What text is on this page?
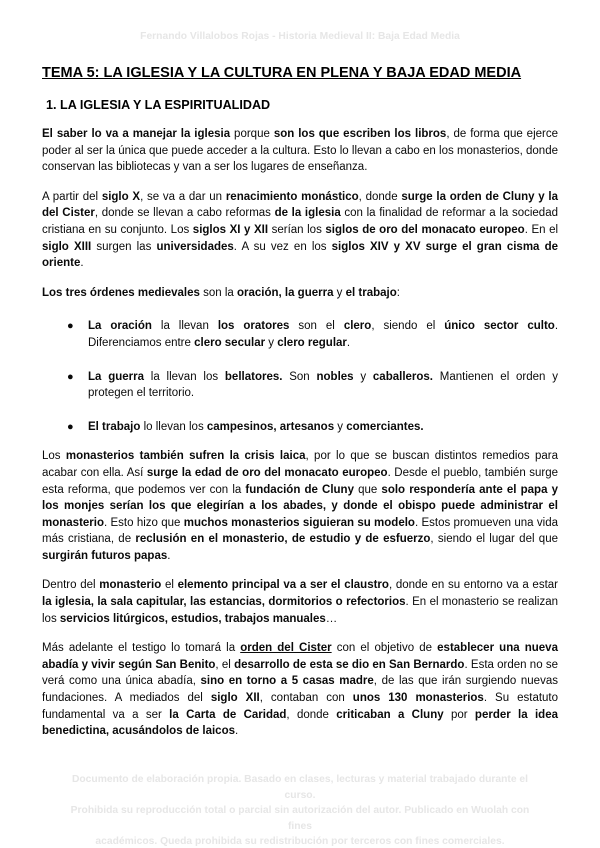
Fernando Villalobos Rojas - Historia Medieval II: Baja Edad Media
TEMA 5: LA IGLESIA Y LA CULTURA EN PLENA Y BAJA EDAD MEDIA
1. LA IGLESIA Y LA ESPIRITUALIDAD
El saber lo va a manejar la iglesia porque son los que escriben los libros, de forma que ejerce poder al ser la única que puede acceder a la cultura. Esto lo llevan a cabo en los monasterios, donde conservan las bibliotecas y van a ser los lugares de enseñanza.
A partir del siglo X, se va a dar un renacimiento monástico, donde surge la orden de Cluny y la del Cister, donde se llevan a cabo reformas de la iglesia con la finalidad de reformar a la sociedad cristiana en su conjunto. Los siglos XI y XII serían los siglos de oro del monacato europeo. En el siglo XIII surgen las universidades. A su vez en los siglos XIV y XV surge el gran cisma de oriente.
Los tres órdenes medievales son la oración, la guerra y el trabajo:
●	La oración la llevan los oratores son el clero, siendo el único sector culto. Diferenciamos entre clero secular y clero regular.
●	La guerra la llevan los bellatores. Son nobles y caballeros. Mantienen el orden y protegen el territorio.
●	El trabajo lo llevan los campesinos, artesanos y comerciantes.
Los monasterios también sufren la crisis laica, por lo que se buscan distintos remedios para acabar con ella. Así surge la edad de oro del monacato europeo. Desde el pueblo, también surge esta reforma, que podemos ver con la fundación de Cluny que solo respondería ante el papa y los monjes serían los que elegirían a los abades, y donde el obispo puede administrar el monasterio. Esto hizo que muchos monasterios siguieran su modelo. Estos promueven una vida más cristiana, de reclusión en el monasterio, de estudio y de esfuerzo, siendo el lugar del que surgirán futuros papas.
Dentro del monasterio el elemento principal va a ser el claustro, donde en su entorno va a estar la iglesia, la sala capitular, las estancias, dormitorios o refectorios. En el monasterio se realizan los servicios litúrgicos, estudios, trabajos manuales…
Más adelante el testigo lo tomará la orden del Cister con el objetivo de establecer una nueva abadía y vivir según San Benito, el desarrollo de esta se dio en San Bernardo. Esta orden no se verá como una única abadía, sino en torno a 5 casas madre, de las que irán surgiendo nuevas fundaciones. A mediados del siglo XII, contaban con unos 130 monasterios. Su estatuto fundamental va a ser la Carta de Caridad, donde criticaban a Cluny por perder la idea benedictina, acusándolos de laicos.
Documento de elaboración propia. Basado en clases, lecturas y material trabajado durante el curso.
Prohibida su reproducción total o parcial sin autorización del autor. Publicado en Wuolah con fines
académicos. Queda prohibida su redistribución por terceros con fines comerciales.
